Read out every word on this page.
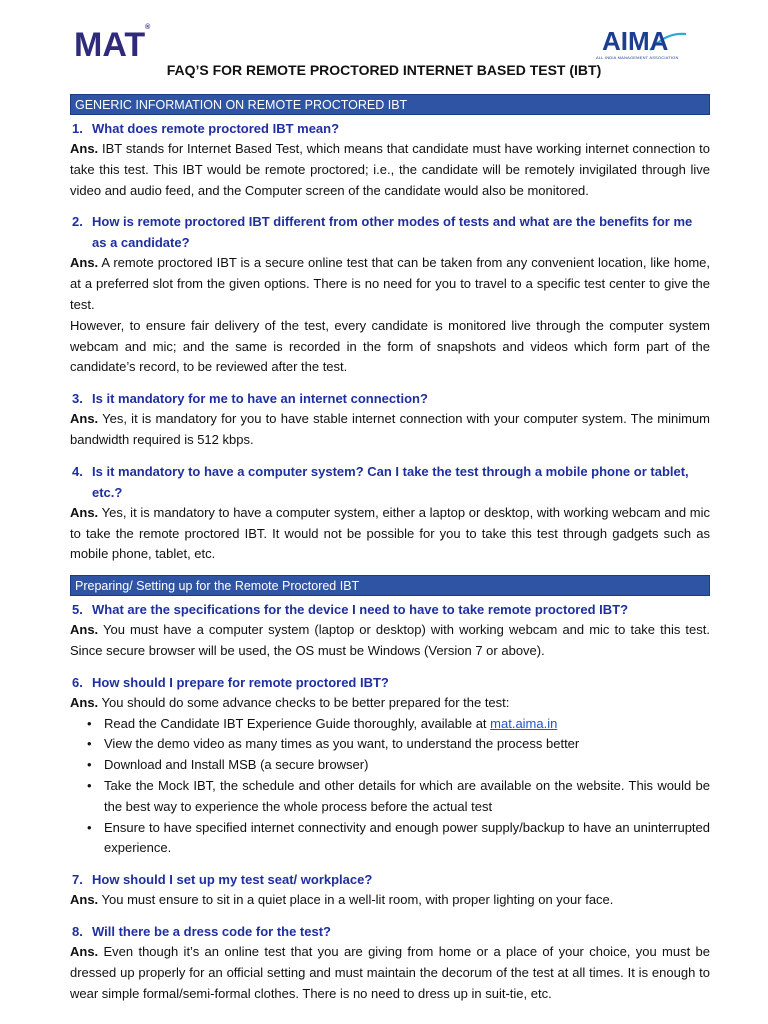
MAT®	AIMA
ALL INDIA MANAGEMENT ASSOCIATION
FAQ’S FOR REMOTE PROCTORED INTERNET BASED TEST (IBT)
GENERIC INFORMATION ON REMOTE PROCTORED IBT

1. What does remote proctored IBT mean?

Ans. IBT stands for Internet Based Test, which means that candidate must have working internet connection to take this test. This IBT would be remote proctored; i.e., the candidate will be remotely invigilated through live video and audio feed, and the Computer screen of the candidate would also be monitored.

2. How is remote proctored IBT different from other modes of tests and what are the benefits for me as a candidate?

Ans. A remote proctored IBT is a secure online test that can be taken from any convenient location, like home, at a preferred slot from the given options. There is no need for you to travel to a specific test center to give the test.

However, to ensure fair delivery of the test, every candidate is monitored live through the computer system webcam and mic; and the same is recorded in the form of snapshots and videos which form part of the candidate’s record, to be reviewed after the test.

3. Is it mandatory for me to have an internet connection?

Ans. Yes, it is mandatory for you to have stable internet connection with your computer system. The minimum bandwidth required is 512 kbps.

4. Is it mandatory to have a computer system? Can I take the test through a mobile phone or tablet, etc.?

Ans. Yes, it is mandatory to have a computer system, either a laptop or desktop, with working webcam and mic to take the remote proctored IBT. It would not be possible for you to take this test through gadgets such as mobile phone, tablet, etc.

Preparing/ Setting up for the Remote Proctored IBT

5. What are the specifications for the device I need to have to take remote proctored IBT?

Ans. You must have a computer system (laptop or desktop) with working webcam and mic to take this test. Since secure browser will be used, the OS must be Windows (Version 7 or above).

6. How should I prepare for remote proctored IBT?

Ans. You should do some advance checks to be better prepared for the test:

• Read the Candidate IBT Experience Guide thoroughly, available at mat.aima.in
• View the demo video as many times as you want, to understand the process better
• Download and Install MSB (a secure browser)
• Take the Mock IBT, the schedule and other details for which are available on the website. This would be the best way to experience the whole process before the actual test
• Ensure to have specified internet connectivity and enough power supply/backup to have an uninterrupted experience.

7. How should I set up my test seat/ workplace?

Ans. You must ensure to sit in a quiet place in a well-lit room, with proper lighting on your face.

8. Will there be a dress code for the test?

Ans. Even though it’s an online test that you are giving from home or a place of your choice, you must be dressed up properly for an official setting and must maintain the decorum of the test at all times. It is enough to wear simple formal/semi-formal clothes. There is no need to dress up in suit-tie, etc.
